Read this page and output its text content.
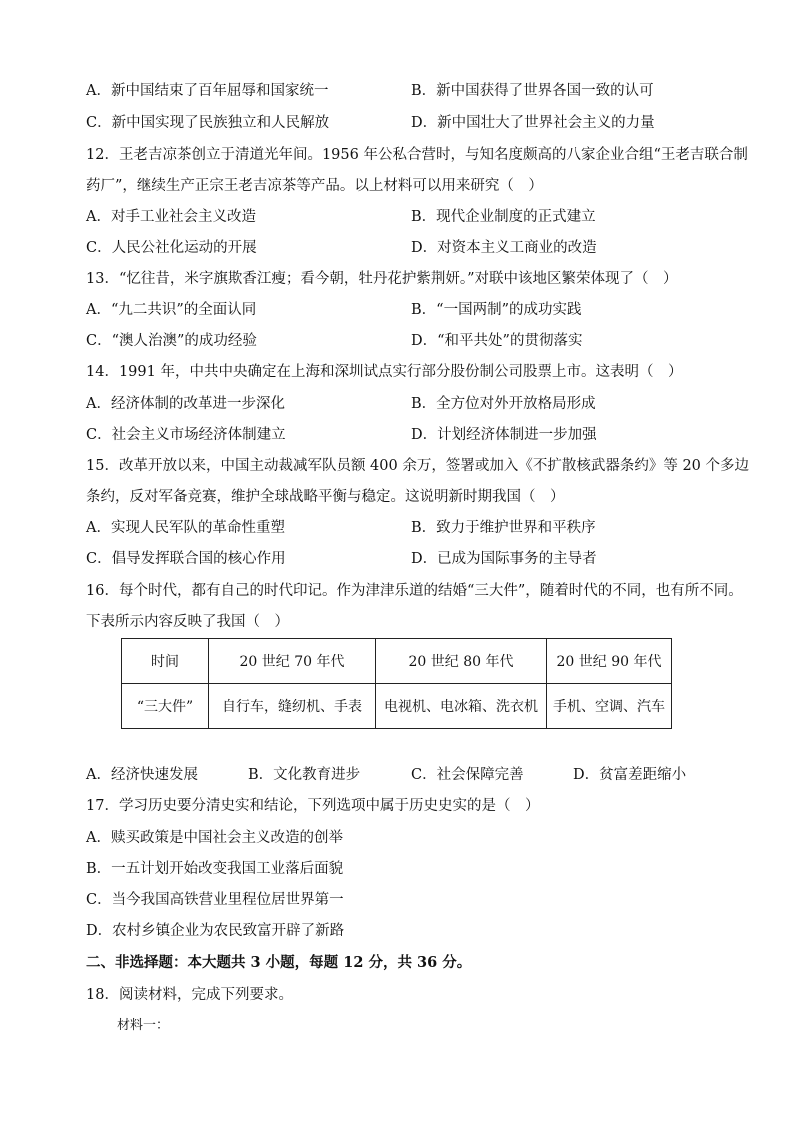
A．新中国结束了百年屈辱和国家统一	B．新中国获得了世界各国一致的认可
C．新中国实现了民族独立和人民解放	D．新中国壮大了世界社会主义的力量
12．王老吉凉茶创立于清道光年间。1956 年公私合营时，与知名度颇高的八家企业合组“王老吉联合制
药厂”，继续生产正宗王老吉凉茶等产品。以上材料可以用来研究（　）
A．对手工业社会主义改造	B．现代企业制度的正式建立
C．人民公社化运动的开展	D．对资本主义工商业的改造
13．“忆往昔，米字旗欺香江瘦；看今朝，牡丹花护紫荆妍。”对联中该地区繁荣体现了（　）
A．“九二共识”的全面认同	B．“一国两制”的成功实践
C．“澳人治澳”的成功经验	D．“和平共处”的贯彻落实
14．1991 年，中共中央确定在上海和深圳试点实行部分股份制公司股票上市。这表明（　）
A．经济体制的改革进一步深化	B．全方位对外开放格局形成
C．社会主义市场经济体制建立	D．计划经济体制进一步加强
15．改革开放以来，中国主动裁减军队员额 400 余万，签署或加入《不扩散核武器条约》等 20 个多边
条约，反对军备竞赛，维护全球战略平衡与稳定。这说明新时期我国（　）
A．实现人民军队的革命性重塑	B．致力于维护世界和平秩序
C．倡导发挥联合国的核心作用	D．已成为国际事务的主导者
16．每个时代，都有自己的时代印记。作为津津乐道的结婚“三大件”，随着时代的不同，也有所不同。
下表所示内容反映了我国（　）
时间	20 世纪 70 年代	20 世纪 80 年代	20 世纪 90 年代
“三大件”	自行车，缝纫机、手表	电视机、电冰箱、洗衣机	手机、空调、汽车
A．经济快速发展	B．文化教育进步	C．社会保障完善	D．贫富差距缩小
17．学习历史要分清史实和结论，下列选项中属于历史史实的是（　）
A．赎买政策是中国社会主义改造的创举
B．一五计划开始改变我国工业落后面貌
C．当今我国高铁营业里程位居世界第一
D．农村乡镇企业为农民致富开辟了新路
二、非选择题：本大题共 3 小题，每题 12 分，共 36 分。
18．阅读材料，完成下列要求。
材料一：
